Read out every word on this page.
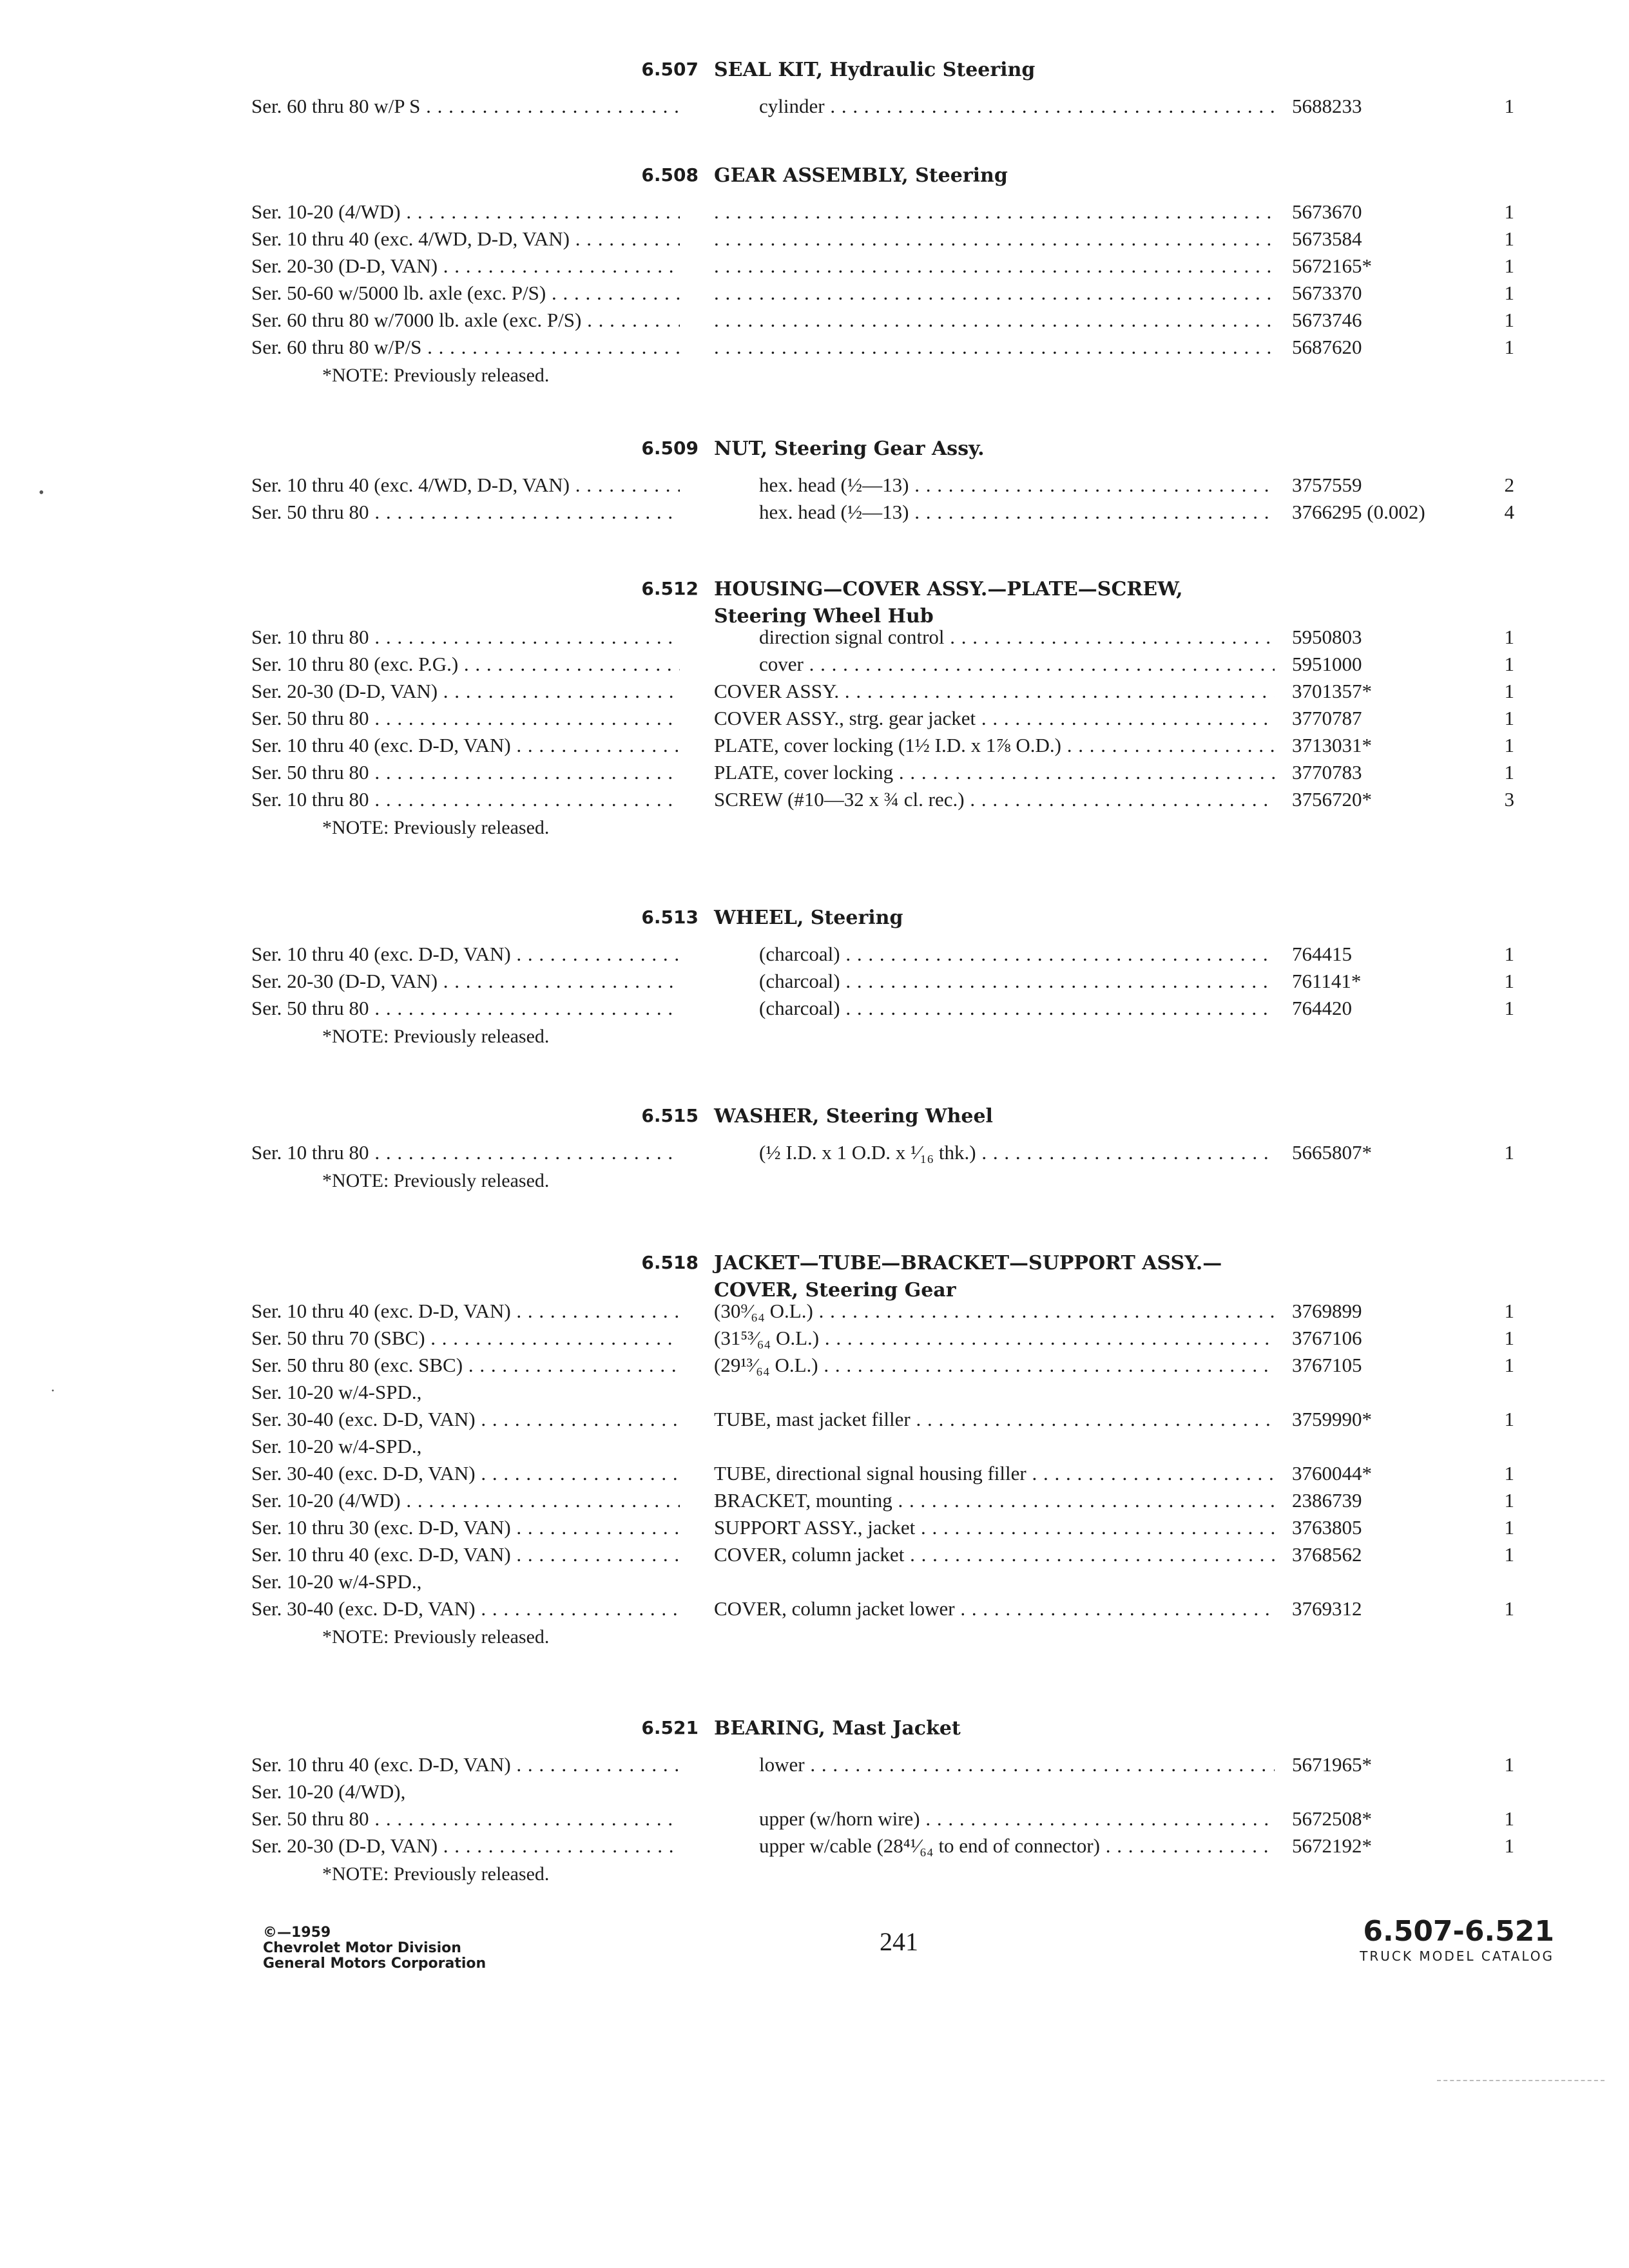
6.507 SEAL KIT, Hydraulic Steering
Ser. 60 thru 80 w/P S . . .	cylinder . . .	5688233	1
6.508 GEAR ASSEMBLY, Steering
Ser. 10-20 (4/WD) . . . . . .	5673670	1
Ser. 10 thru 40 (exc. 4/WD, D-D, VAN) . . . . . .	5673584	1
Ser. 20-30 (D-D, VAN) . . . . . .	5672165*	1
Ser. 50-60 w/5000 lb. axle (exc. P/S) . . . . . .	5673370	1
Ser. 60 thru 80 w/7000 lb. axle (exc. P/S) . . . . . .	5673746	1
Ser. 60 thru 80 w/P/S . . . . . .	5687620	1
*NOTE: Previously released.
6.509 NUT, Steering Gear Assy.
Ser. 10 thru 40 (exc. 4/WD, D-D, VAN) . . .	hex. head (½—13) . . .	3757559	2
Ser. 50 thru 80 . . .	hex. head (½—13) . . .	3766295 (0.002)	4
6.512 HOUSING—COVER ASSY.—PLATE—SCREW,
Steering Wheel Hub
Ser. 10 thru 80 . . .	direction signal control . . .	5950803	1
Ser. 10 thru 80 (exc. P.G.) . . .	cover . . .	5951000	1
Ser. 20-30 (D-D, VAN) . . .	COVER ASSY. . . .	3701357*	1
Ser. 50 thru 80 . . .	COVER ASSY., strg. gear jacket . . .	3770787	1
Ser. 10 thru 40 (exc. D-D, VAN) . . .	PLATE, cover locking (1½ I.D. x 1⅞ O.D.) . . .	3713031*	1
Ser. 50 thru 80 . . .	PLATE, cover locking . . .	3770783	1
Ser. 10 thru 80 . . .	SCREW (#10—32 x ¾ cl. rec.) . . .	3756720*	3
*NOTE: Previously released.
6.513 WHEEL, Steering
Ser. 10 thru 40 (exc. D-D, VAN) . . .	(charcoal) . . .	764415	1
Ser. 20-30 (D-D, VAN) . . .	(charcoal) . . .	761141*	1
Ser. 50 thru 80 . . .	(charcoal) . . .	764420	1
*NOTE: Previously released.
6.515 WASHER, Steering Wheel
Ser. 10 thru 80 . . .	(½ I.D. x 1 O.D. x ¹⁄₁₆ thk.) . . .	5665807*	1
*NOTE: Previously released.
6.518 JACKET—TUBE—BRACKET—SUPPORT ASSY.—
COVER, Steering Gear
Ser. 10 thru 40 (exc. D-D, VAN) . . .	(30⁹⁄₆₄ O.L.) . . .	3769899	1
Ser. 50 thru 70 (SBC) . . .	(31⁵³⁄₆₄ O.L.) . . .	3767106	1
Ser. 50 thru 80 (exc. SBC) . . .	(29¹³⁄₆₄ O.L.) . . .	3767105	1
Ser. 10-20 w/4-SPD.,
Ser. 30-40 (exc. D-D, VAN) . . .	TUBE, mast jacket filler . . .	3759990*	1
Ser. 10-20 w/4-SPD.,
Ser. 30-40 (exc. D-D, VAN) . . .	TUBE, directional signal housing filler . . .	3760044*	1
Ser. 10-20 (4/WD) . . .	BRACKET, mounting . . .	2386739	1
Ser. 10 thru 30 (exc. D-D, VAN) . . .	SUPPORT ASSY., jacket . . .	3763805	1
Ser. 10 thru 40 (exc. D-D, VAN) . . .	COVER, column jacket . . .	3768562	1
Ser. 10-20 w/4-SPD.,
Ser. 30-40 (exc. D-D, VAN) . . .	COVER, column jacket lower . . .	3769312	1
*NOTE: Previously released.
6.521 BEARING, Mast Jacket
Ser. 10 thru 40 (exc. D-D, VAN) . . .	lower . . .	5671965*	1
Ser. 10-20 (4/WD),
Ser. 50 thru 80 . . .	upper (w/horn wire) . . .	5672508*	1
Ser. 20-30 (D-D, VAN) . . .	upper w/cable (28⁴¹⁄₆₄ to end of connector) . . .	5672192*	1
*NOTE: Previously released.
©—1959
Chevrolet Motor Division
General Motors Corporation
241	6.507-6.521
TRUCK MODEL CATALOG
•
·
